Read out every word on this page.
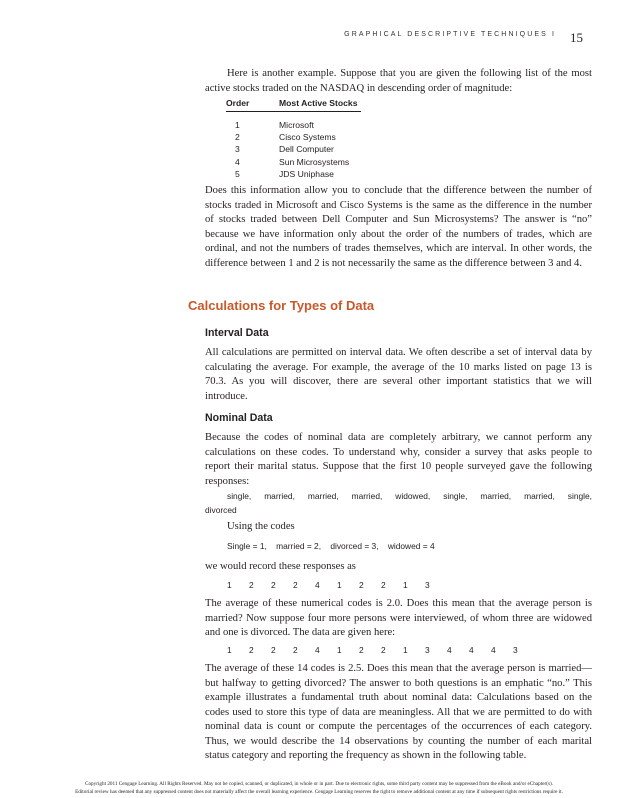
GRAPHICAL DESCRIPTIVE TECHNIQUES I 15

Here is another example. Suppose that you are given the following list of the most active stocks traded on the NASDAQ in descending order of magnitude:

Order	Most Active Stocks
1	Microsoft
2	Cisco Systems
3	Dell Computer
4	Sun Microsystems
5	JDS Uniphase

Does this information allow you to conclude that the difference between the number of stocks traded in Microsoft and Cisco Systems is the same as the difference in the number of stocks traded between Dell Computer and Sun Microsystems? The answer is “no” because we have information only about the order of the numbers of trades, which are ordinal, and not the numbers of trades themselves, which are interval. In other words, the difference between 1 and 2 is not necessarily the same as the difference between 3 and 4.

Calculations for Types of Data
Interval Data

All calculations are permitted on interval data. We often describe a set of interval data by calculating the average. For example, the average of the 10 marks listed on page 13 is 70.3. As you will discover, there are several other important statistics that we will introduce.

Nominal Data

Because the codes of nominal data are completely arbitrary, we cannot perform any calculations on these codes. To understand why, consider a survey that asks people to report their marital status. Suppose that the first 10 people surveyed gave the following responses:

single, married, married, married, widowed, single, married, married, single,
divorced

Using the codes

Single = 1,    married = 2,    divorced = 3,    widowed = 4

we would record these responses as

1 2 2 2 4 1 2 2 1 3

The average of these numerical codes is 2.0. Does this mean that the average person is married? Now suppose four more persons were interviewed, of whom three are widowed and one is divorced. The data are given here:

1 2 2 2 4 1 2 2 1 3 4 4 4 3

The average of these 14 codes is 2.5. Does this mean that the average person is married—but halfway to getting divorced? The answer to both questions is an emphatic “no.” This example illustrates a fundamental truth about nominal data: Calculations based on the codes used to store this type of data are meaningless. All that we are permitted to do with nominal data is count or compute the percentages of the occurrences of each category. Thus, we would describe the 14 observations by counting the number of each marital status category and reporting the frequency as shown in the following table.

Copyright 2011 Cengage Learning. All Rights Reserved. May not be copied, scanned, or duplicated, in whole or in part. Due to electronic rights, some third party content may be suppressed from the eBook and/or eChapter(s).

Editorial review has deemed that any suppressed content does not materially affect the overall learning experience. Cengage Learning reserves the right to remove additional content at any time if subsequent rights restrictions require it.
